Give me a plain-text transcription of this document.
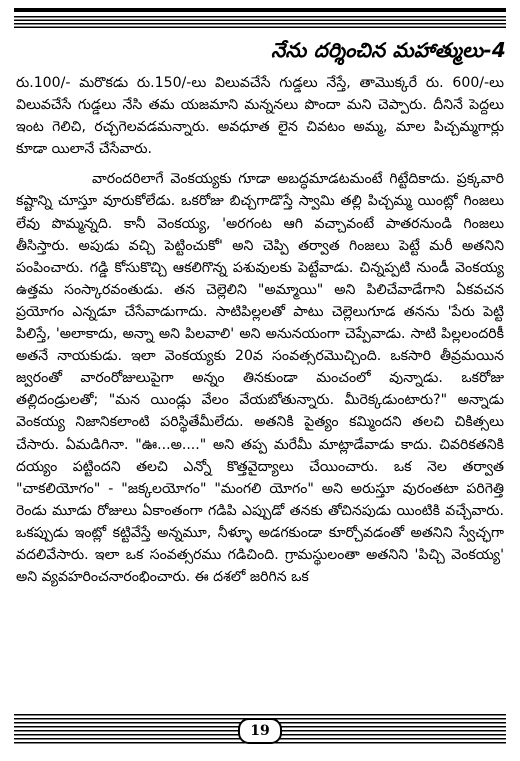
నేను దర్శించిన మహాత్ములు-4

రు.100/- మరొకడు రు.150/-లు విలువచేసే గుడ్డలు నేస్తే, తామొక్కరే రు. 600/-లు విలువచేసే గుడ్డలు నేసి తమ యజమాని మన్ననలు పొందా మని చెప్పారు. దీనినే పెద్దలు ఇంట గెలిచి, రచ్చగెలవడమన్నారు. అవధూత లైన చివటం అమ్మ, మాల పిచ్చమ్మగార్లు కూడా యిలానే చేసేవారు.

వారందరిలాగే వెంకయ్యకు గూడా అబద్ధమాడటమంటే గిట్టేదికాదు. ప్రక్కవారి కష్టాన్ని చూస్తూ వూరుకోలేడు. ఒకరోజు బిచ్చగాడొస్తే స్వామి తల్లి పిచ్చమ్మ యింట్లో గింజలు లేవు పొమ్మన్నది. కానీ వెంకయ్య, 'అరగంట ఆగి వచ్చావంటే పాతరనుండి గింజలు తీసిస్తారు. అపుడు వచ్చి పెట్టించుకో' అని చెప్పి తర్వాత గింజలు పెట్టే మరీ అతనిని పంపించారు. గడ్డి కోసుకొచ్చి ఆకలిగొన్న పశువులకు పెట్టేవాడు. చిన్నప్పటి నుండీ వెంకయ్య ఉత్తమ సంస్కారవంతుడు. తన చెల్లెలిని "అమ్మాయి" అని పిలిచేవాడేగాని ఏకవచన ప్రయోగం ఎన్నడూ చేసేవాడుగాదు. సాటిపిల్లలతో పాటు చెల్లెలుగూడ తనను 'పేరు పెట్టి పిలిస్తే, 'అలాకాదు, అన్నా అని పిలవాలి' అని అనునయంగా చెప్పేవాడు. సాటి పిల్లలందరికీ అతనే నాయకుడు. ఇలా వెంకయ్యకు 20వ సంవత్సరమొచ్చింది. ఒకసారి తీవ్రమయిన జ్వరంతో వారంరోజులుపైగా అన్నం తినకుండా మంచంలో వున్నాడు. ఒకరోజు తల్లిదండ్రులతో; "మన యిండ్లు వేలం వేయబోతున్నారు. మీరెక్కడుంటారు?" అన్నాడు వెంకయ్య నిజానికలాంటి పరిస్థితేమీలేదు. అతనికి పైత్యం కమ్మిందని తలచి చికిత్సలు చేసారు. ఏమడిగినా. "ఊ...అ...." అని తప్ప మరేమీ మాట్లాడేవాడు కాదు. చివరికతనికి దయ్యం పట్టిందని తలచి ఎన్నో కొత్తవైద్యాలు చేయించారు. ఒక నెల తర్వాత "చాకలియోగం" - "జక్కలయోగం" "మంగలి యోగం" అని అరుస్తూ వురంతటా పరిగెత్తి రెండు మూడు రోజులు ఏకాంతంగా గడిపి ఎప్పుడో తనకు తోచినపుడు యింటికి వచ్చేవారు. ఒకప్పుడు ఇంట్లో కట్టివేస్తే అన్నమూ, నీళ్ళూ అడగకుండా కూర్చోవడంతో అతనిని స్వేచ్ఛగా వదలివేసారు. ఇలా ఒక సంవత్సరము గడిచింది. గ్రామస్థులంతా అతనిని 'పిచ్చి వెంకయ్య' అని వ్యవహరించనారంభించారు. ఈ దశలో జరిగిన ఒక

19
